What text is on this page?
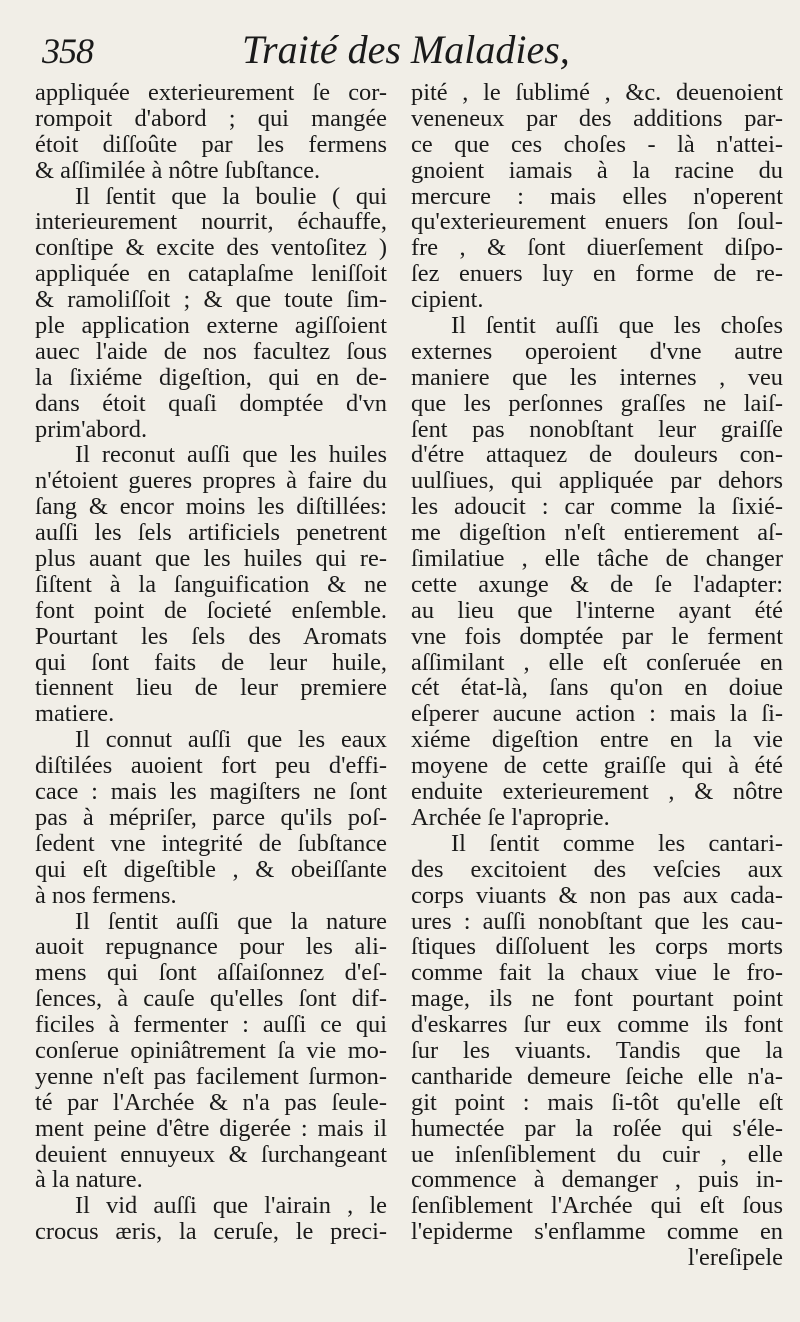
358	Traité des Maladies,
appliquée exterieurement ſe cor-
rompoit d'abord ; qui mangée
étoit diſſoûte par les fermens
& aſſimilée à nôtre ſubſtance.
Il ſentit que la boulie ( qui
interieurement nourrit, échauffe,
conſtipe & excite des ventoſitez )
appliquée en cataplaſme leniſſoit
& ramoliſſoit ; & que toute ſim-
ple application externe agiſſoient
auec l'aide de nos facultez ſous
la ſixiéme digeſtion, qui en de-
dans étoit quaſi domptée d'vn
prim'abord.
Il reconut auſſi que les huiles
n'étoient gueres propres à faire du
ſang & encor moins les diſtillées:
auſſi les ſels artificiels penetrent
plus auant que les huiles qui re-
ſiſtent à la ſanguification & ne
font point de ſocieté enſemble.
Pourtant les ſels des Aromats
qui ſont faits de leur huile,
tiennent lieu de leur premiere
matiere.
Il connut auſſi que les eaux
diſtilées auoient fort peu d'effi-
cace : mais les magiſters ne ſont
pas à mépriſer, parce qu'ils poſ-
ſedent vne integrité de ſubſtance
qui eſt digeſtible , & obeiſſante
à nos fermens.
Il ſentit auſſi que la nature
auoit repugnance pour les ali-
mens qui ſont aſſaiſonnez d'eſ-
ſences, à cauſe qu'elles ſont dif-
ficiles à fermenter : auſſi ce qui
conſerue opiniâtrement ſa vie mo-
yenne n'eſt pas facilement ſurmon-
té par l'Archée & n'a pas ſeule-
ment peine d'être digerée : mais il
deuient ennuyeux & ſurchangeant
à la nature.
Il vid auſſi que l'airain , le
crocus æris, la ceruſe, le preci-
pité , le ſublimé , &c. deuenoient
veneneux par des additions par-
ce que ces choſes - là n'attei-
gnoient iamais à la racine du
mercure : mais elles n'operent
qu'exterieurement enuers ſon ſoul-
fre , & ſont diuerſement diſpo-
ſez enuers luy en forme de re-
cipient.
Il ſentit auſſi que les choſes
externes operoient d'vne autre
maniere que les internes , veu
que les perſonnes graſſes ne laiſ-
ſent pas nonobſtant leur graiſſe
d'étre attaquez de douleurs con-
uulſiues, qui appliquée par dehors
les adoucit : car comme la ſixié-
me digeſtion n'eſt entierement aſ-
ſimilatiue , elle tâche de changer
cette axunge & de ſe l'adapter:
au lieu que l'interne ayant été
vne fois domptée par le ferment
aſſimilant , elle eſt conſeruée en
cét état-là, ſans qu'on en doiue
eſperer aucune action : mais la ſi-
xiéme digeſtion entre en la vie
moyene de cette graiſſe qui à été
enduite exterieurement , & nôtre
Archée ſe l'aproprie.
Il ſentit comme les cantari-
des excitoient des veſcies aux
corps viuants & non pas aux cada-
ures : auſſi nonobſtant que les cau-
ſtiques diſſoluent les corps morts
comme fait la chaux viue le fro-
mage, ils ne font pourtant point
d'eskarres ſur eux comme ils font
ſur les viuants. Tandis que la
cantharide demeure ſeiche elle n'a-
git point : mais ſi-tôt qu'elle eſt
humectée par la roſée qui s'éle-
ue inſenſiblement du cuir , elle
commence à demanger , puis in-
ſenſiblement l'Archée qui eſt ſous
l'epiderme s'enflamme comme en
l'ereſipele
